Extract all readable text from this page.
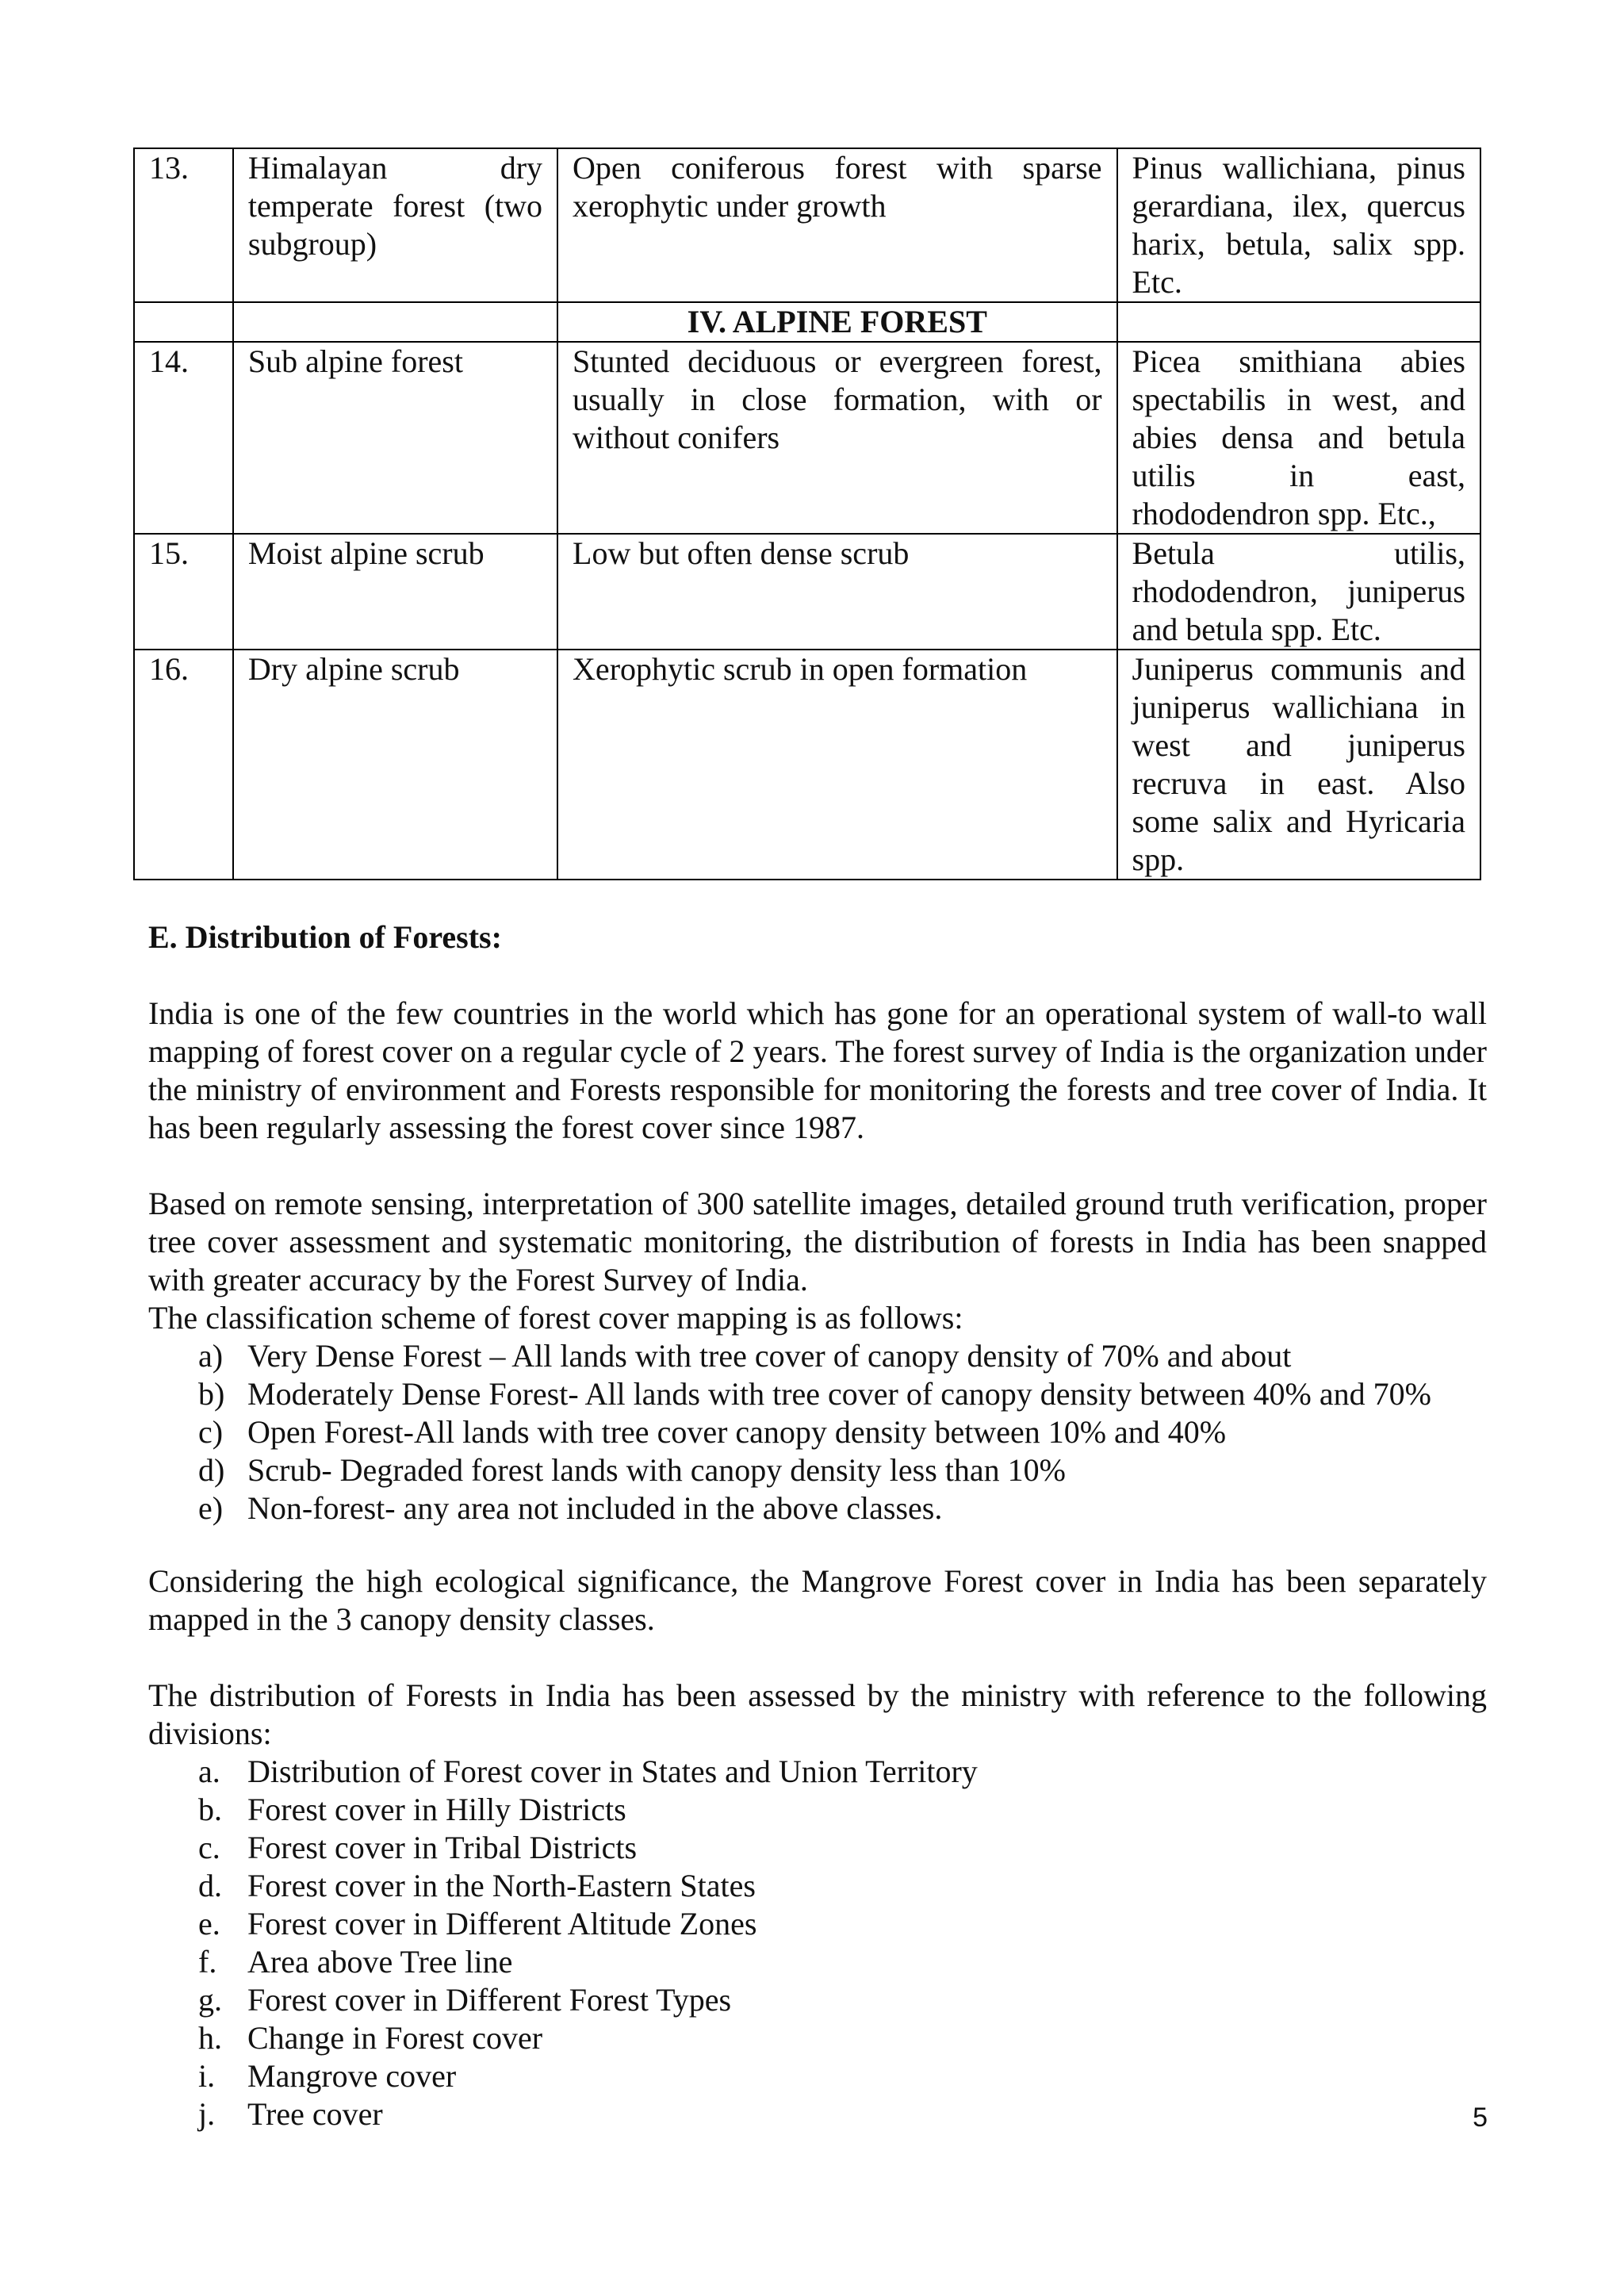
13.	Himalayan dry temperate forest (two subgroup)	Open coniferous forest with sparse xerophytic under growth	Pinus wallichiana, pinus gerardiana, ilex, quercus harix, betula, salix spp. Etc.
		IV. ALPINE FOREST	
14.	Sub alpine forest	Stunted deciduous or evergreen forest, usually in close formation, with or without conifers	Picea smithiana abies spectabilis in west, and abies densa and betula utilis in east, rhododendron spp. Etc.,
15.	Moist alpine scrub	Low but often dense scrub	Betula utilis, rhododendron, juniperus and betula spp. Etc.
16.	Dry alpine scrub	Xerophytic scrub in open formation	Juniperus communis and juniperus wallichiana in west and juniperus recruva in east. Also some salix and Hyricaria spp.
E. Distribution of Forests:

India is one of the few countries in the world which has gone for an operational system of wall-to wall mapping of forest cover on a regular cycle of 2 years. The forest survey of India is the organization under the ministry of environment and Forests responsible for monitoring the forests and tree cover of India. It has been regularly assessing the forest cover since 1987.

Based on remote sensing, interpretation of 300 satellite images, detailed ground truth verification, proper tree cover assessment and systematic monitoring, the distribution of forests in India has been snapped with greater accuracy by the Forest Survey of India.

The classification scheme of forest cover mapping is as follows:
a) Very Dense Forest – All lands with tree cover of canopy density of 70% and about
b) Moderately Dense Forest- All lands with tree cover of canopy density between 40% and 70%
c) Open Forest-All lands with tree cover canopy density between 10% and 40%
d) Scrub- Degraded forest lands with canopy density less than 10%
e) Non-forest- any area not included in the above classes.

Considering the high ecological significance, the Mangrove Forest cover in India has been separately mapped in the 3 canopy density classes.

The distribution of Forests in India has been assessed by the ministry with reference to the following divisions:

a. Distribution of Forest cover in States and Union Territory
b. Forest cover in Hilly Districts
c. Forest cover in Tribal Districts
d. Forest cover in the North-Eastern States
e. Forest cover in Different Altitude Zones
f. Area above Tree line
g. Forest cover in Different Forest Types
h. Change in Forest cover
i. Mangrove cover
j. Tree cover	5
